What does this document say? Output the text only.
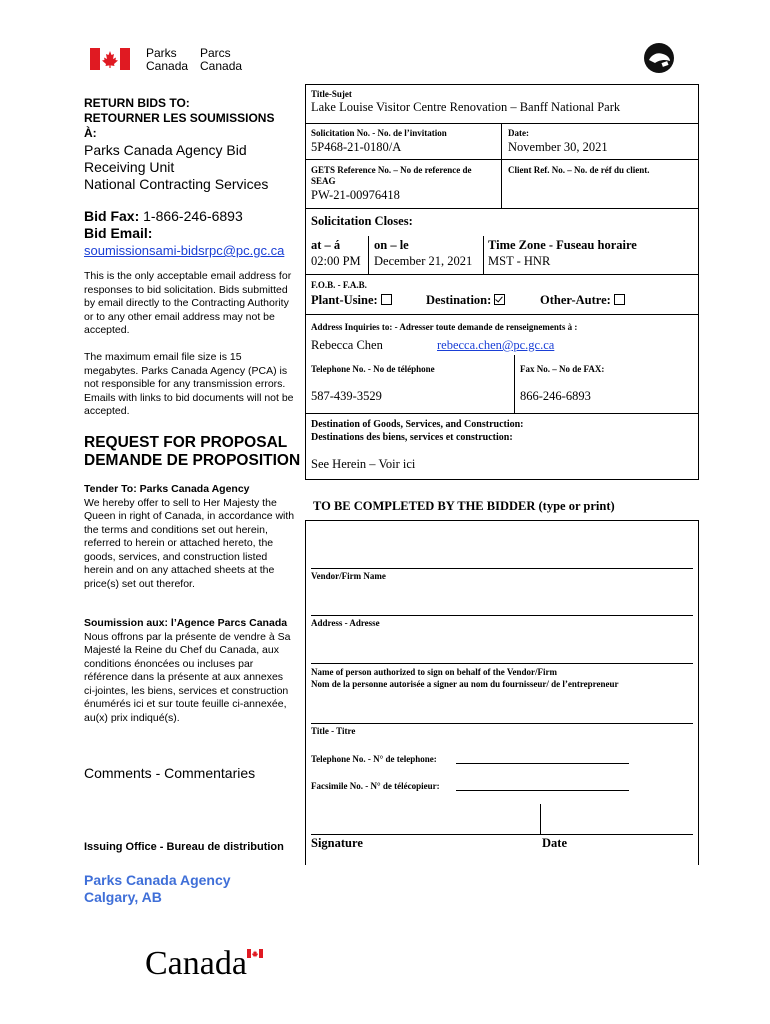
Parks
Canada
Parcs
Canada
RETURN BIDS TO:
RETOURNER LES SOUMISSIONS
À:
Parks Canada Agency Bid
Receiving Unit
National Contracting Services
Bid Fax: 1-866-246-6893
Bid Email:
soumissionsami-bidsrpc@pc.gc.ca
This is the only acceptable email address for responses to bid solicitation. Bids submitted by email directly to the Contracting Authority or to any other email address may not be accepted.
The maximum email file size is 15 megabytes. Parks Canada Agency (PCA) is not responsible for any transmission errors. Emails with links to bid documents will not be accepted.
REQUEST FOR PROPOSAL
DEMANDE DE PROPOSITION
Tender To: Parks Canada Agency
We hereby offer to sell to Her Majesty the Queen in right of Canada, in accordance with the terms and conditions set out herein, referred to herein or attached hereto, the goods, services, and construction listed herein and on any attached sheets at the price(s) set out therefor.
Soumission aux: l’Agence Parcs Canada
Nous offrons par la présente de vendre à Sa Majesté la Reine du Chef du Canada, aux conditions énoncées ou incluses par référence dans la présente at aux annexes ci-jointes, les biens, services et construction énumérés ici et sur toute feuille ci-annexée, au(x) prix indiqué(s).
Comments - Commentaries
Issuing Office - Bureau de distribution
Parks Canada Agency
Calgary, AB
Title-Sujet
Lake Louise Visitor Centre Renovation – Banff National Park
Solicitation No. - No. de l’invitation
5P468-21-0180/A
Date:
November 30, 2021
GETS Reference No. – No de reference de SEAG
PW-21-00976418
Client Ref. No. – No. de réf du client.
Solicitation Closes:
at – á
02:00 PM
on – le
December 21, 2021
Time Zone - Fuseau horaire
MST - HNR
F.O.B. - F.A.B.
Plant-Usine:	Destination:	Other-Autre:
Address Inquiries to: - Adresser toute demande de renseignements à :
Rebecca Chen	rebecca.chen@pc.gc.ca
Telephone No. - No de téléphone	Fax No. – No de FAX:
587-439-3529	866-246-6893
Destination of Goods, Services, and Construction:
Destinations des biens, services et construction:
See Herein – Voir ici
TO BE COMPLETED BY THE BIDDER (type or print)
Vendor/Firm Name
Address - Adresse
Name of person authorized to sign on behalf of the Vendor/Firm
Nom de la personne autorisée a signer au nom du fournisseur/ de l’entrepreneur
Title - Titre
Telephone No. - N° de telephone:
Facsimile No. - N° de télécopieur:
Signature	Date
Canada
